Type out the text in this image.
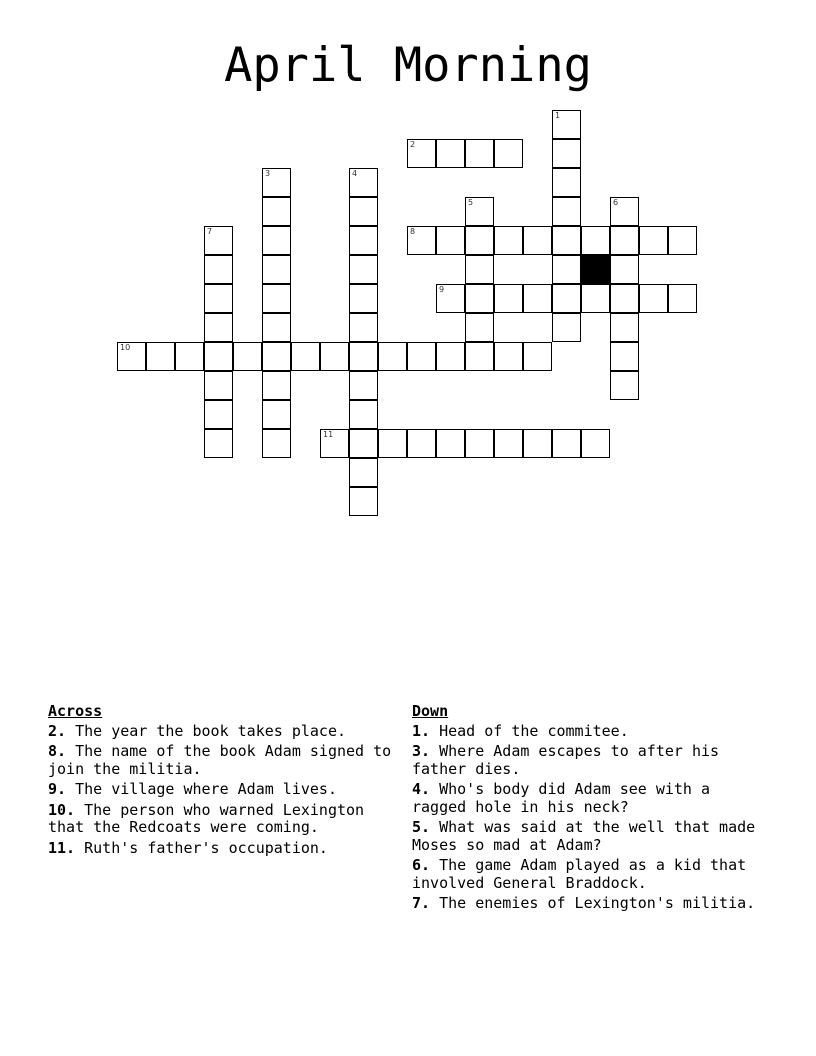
April Morning
1
2
3	4
5	6
7	8
9
10
11
Across
2. The year the book takes place.
8. The name of the book Adam signed to join the militia.
9. The village where Adam lives.
10. The person who warned Lexington that the Redcoats were coming.
11. Ruth's father's occupation.
Down
1. Head of the commitee.
3. Where Adam escapes to after his father dies.
4. Who's body did Adam see with a ragged hole in his neck?
5. What was said at the well that made Moses so mad at Adam?
6. The game Adam played as a kid that involved General Braddock.
7. The enemies of Lexington's militia.
